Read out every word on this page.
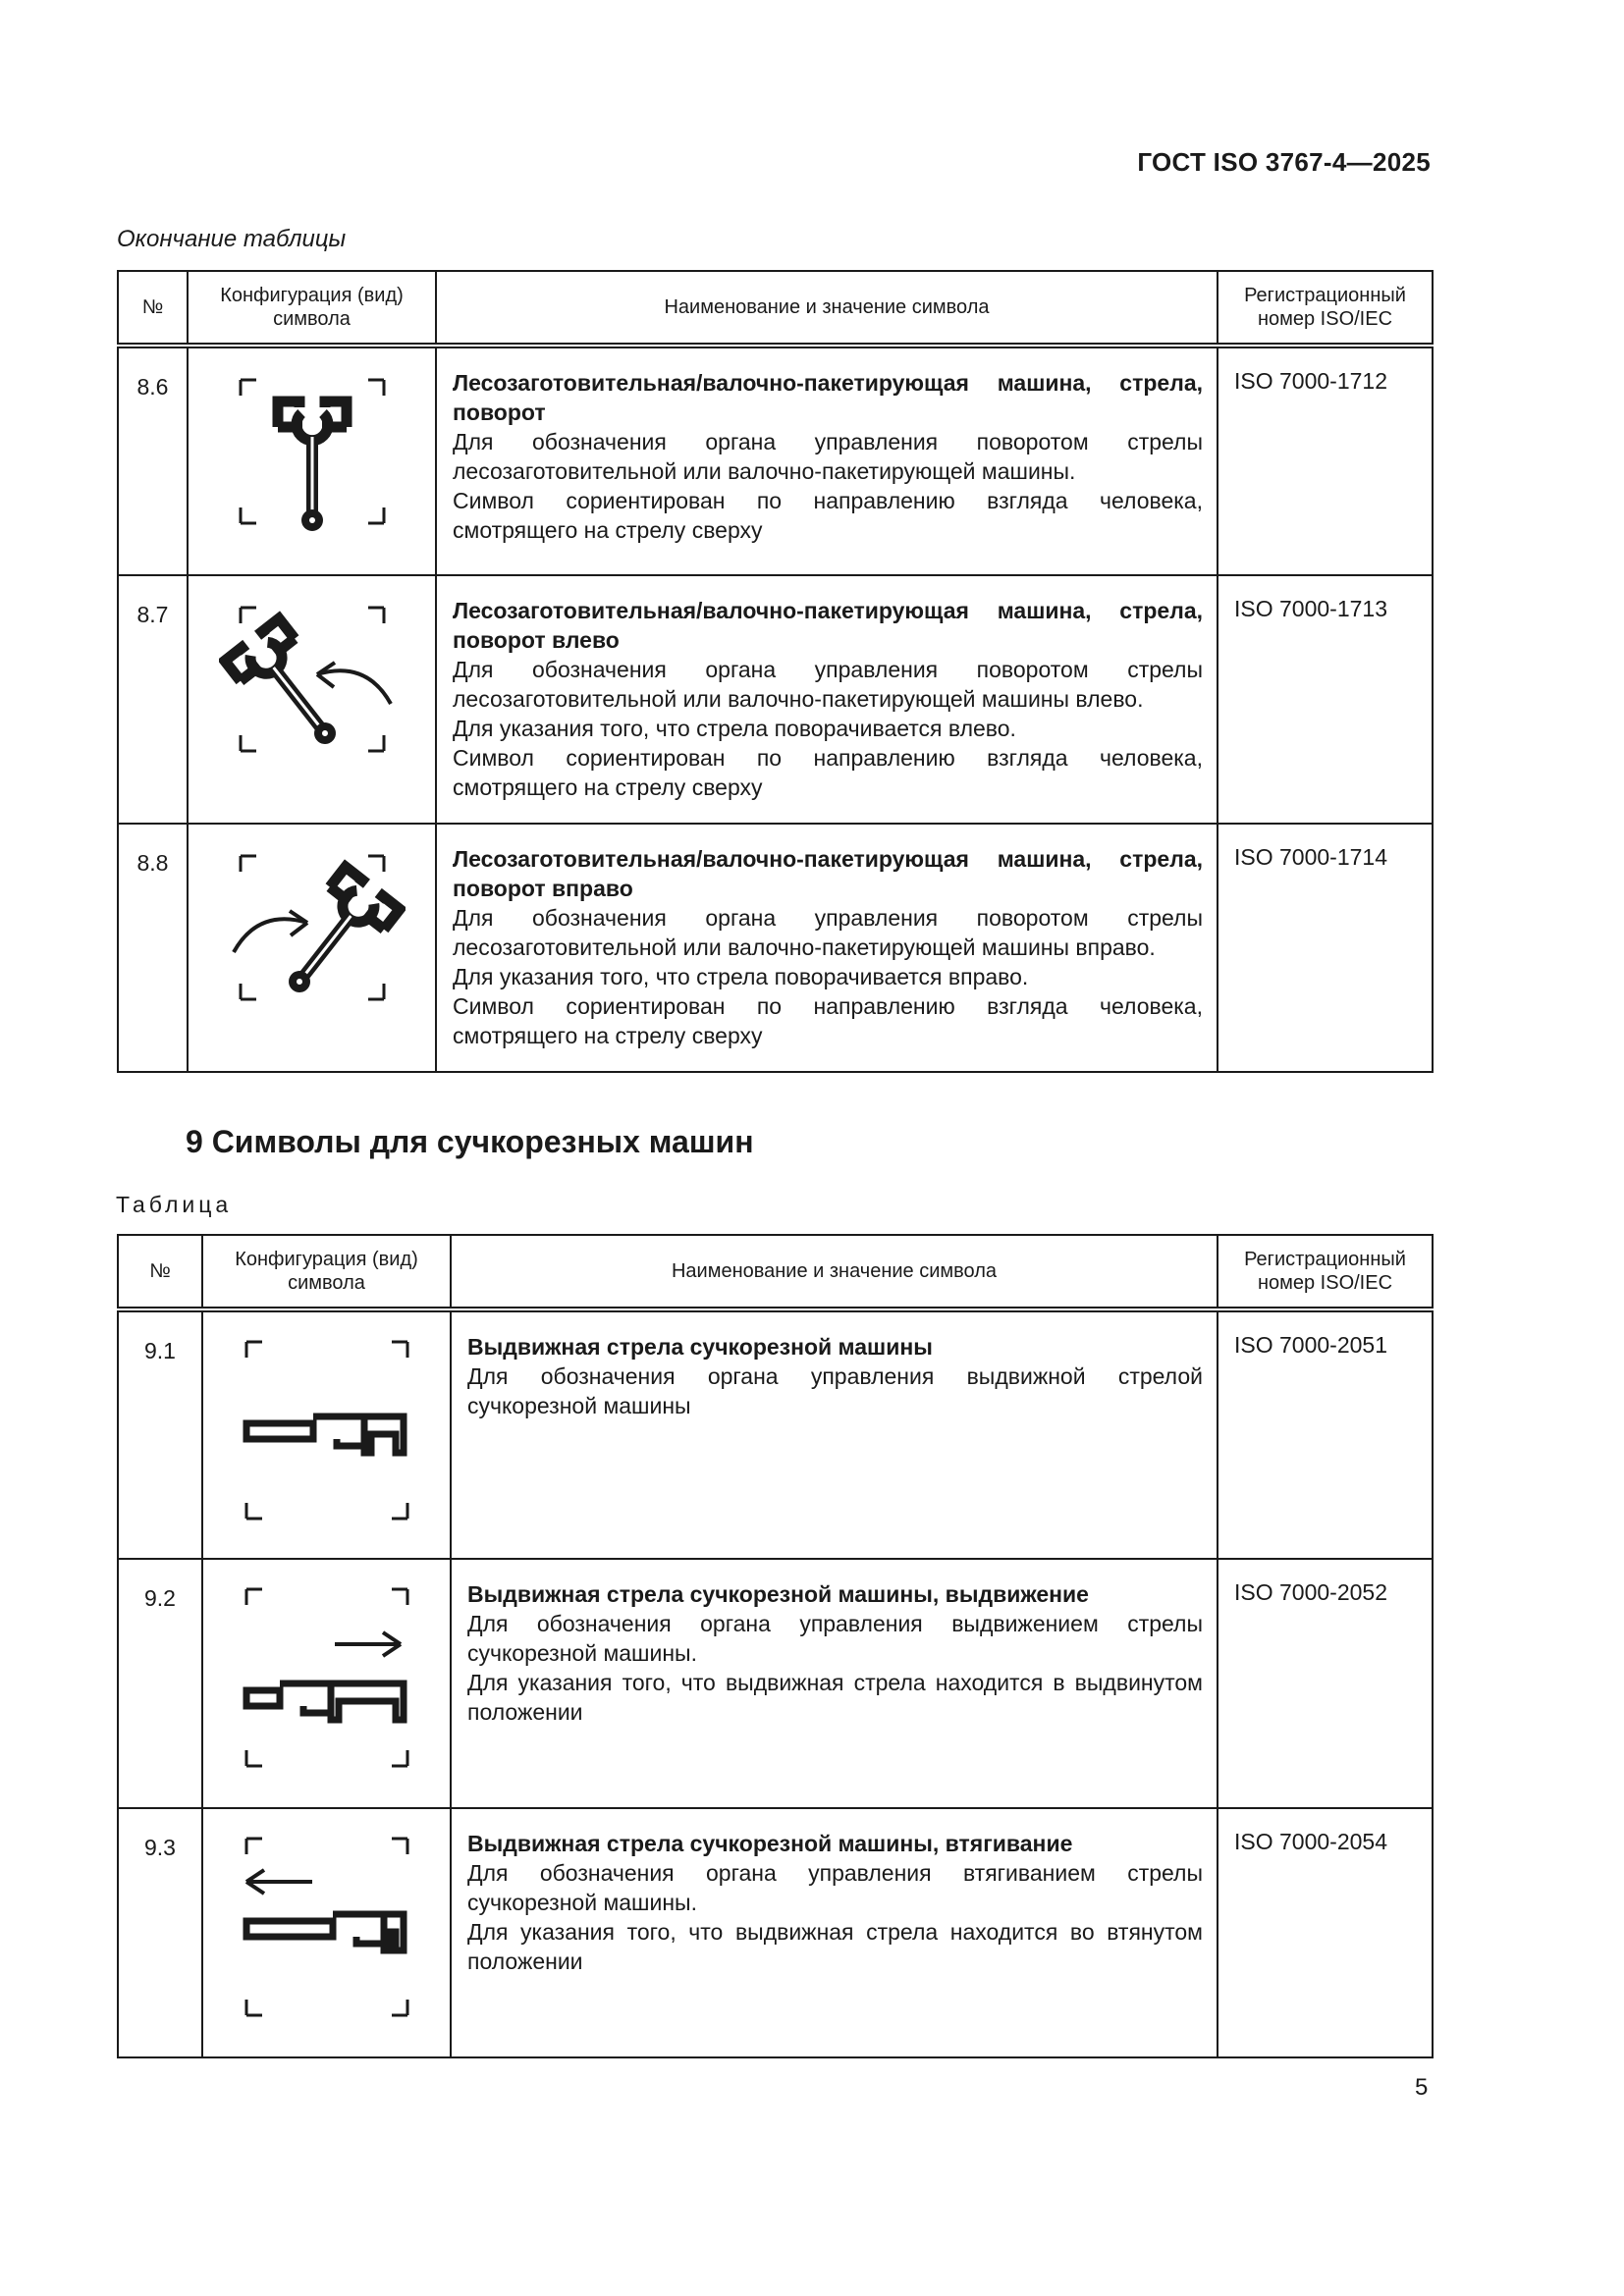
ГОСТ ISO 3767-4—2025
Окончание таблицы
№	Конфигурация (вид) символа	Наименование и значение символа	Регистрационный номер ISO/IEC
8.6		Лесозаготовительная/валочно-пакетирующая машина, стрела, поворот
Для обозначения органа управления поворотом стрелы лесозаготовительной или валочно-пакетирующей машины.
Символ сориентирован по направлению взгляда человека, смотрящего на стрелу сверху	ISO 7000-1712
8.7		Лесозаготовительная/валочно-пакетирующая машина, стрела, поворот влево
Для обозначения органа управления поворотом стрелы лесозаготовительной или валочно-пакетирующей машины влево.
Для указания того, что стрела поворачивается влево.
Символ сориентирован по направлению взгляда человека, смотрящего на стрелу сверху	ISO 7000-1713
8.8		Лесозаготовительная/валочно-пакетирующая машина, стрела, поворот вправо
Для обозначения органа управления поворотом стрелы лесозаготовительной или валочно-пакетирующей машины вправо.
Для указания того, что стрела поворачивается вправо.
Символ сориентирован по направлению взгляда человека, смотрящего на стрелу сверху	ISO 7000-1714
9 Символы для сучкорезных машин
Таблица
№	Конфигурация (вид) символа	Наименование и значение символа	Регистрационный номер ISO/IEC
9.1		Выдвижная стрела сучкорезной машины
Для обозначения органа управления выдвижной стрелой сучкорезной машины	ISO 7000-2051
9.2		Выдвижная стрела сучкорезной машины, выдвижение
Для обозначения органа управления выдвижением стрелы сучкорезной машины.
Для указания того, что выдвижная стрела находится в выдвинутом положении	ISO 7000-2052
9.3		Выдвижная стрела сучкорезной машины, втягивание
Для обозначения органа управления втягиванием стрелы сучкорезной машины.
Для указания того, что выдвижная стрела находится во втянутом положении	ISO 7000-2054
5
